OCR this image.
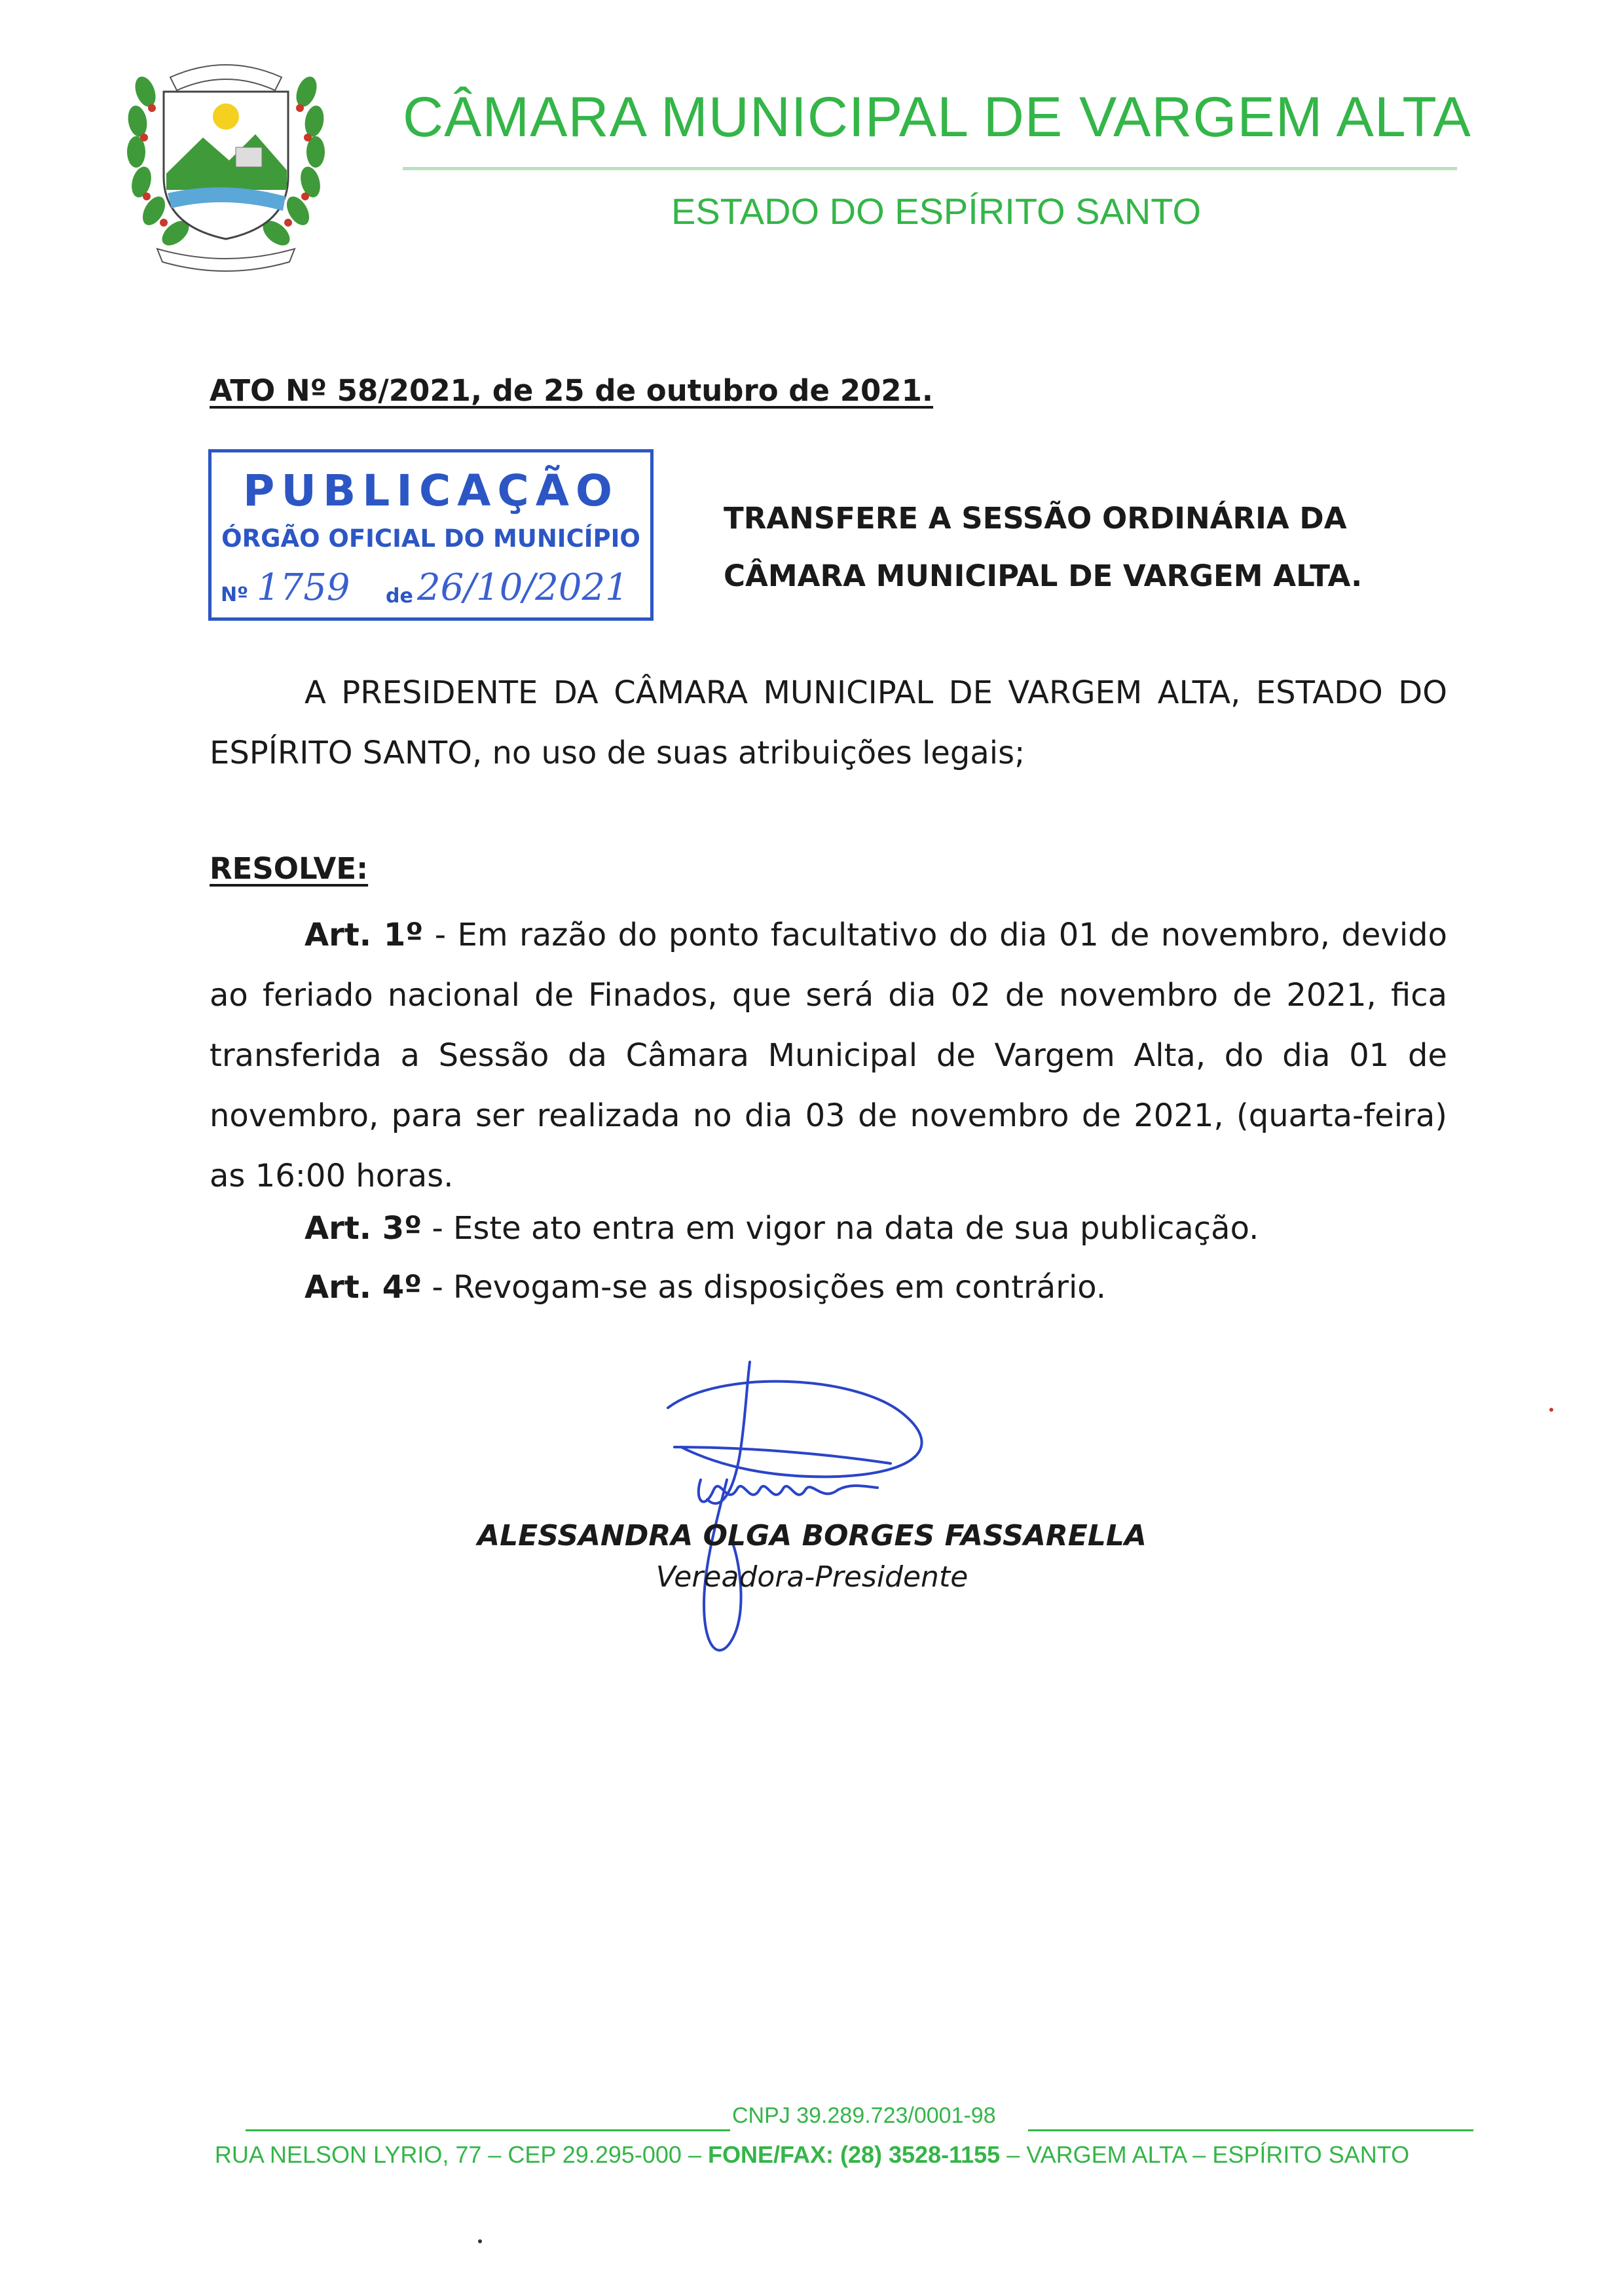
CÂMARA MUNICIPAL DE VARGEM ALTA
ESTADO DO ESPÍRITO SANTO
ATO Nº 58/2021, de 25 de outubro de 2021.
PUBLICAÇÃO
ÓRGÃO OFICIAL DO MUNICÍPIO
Nº 1759 de 26/10/2021
TRANSFERE A SESSÃO ORDINÁRIA DA CÂMARA MUNICIPAL DE VARGEM ALTA.
A PRESIDENTE DA CÂMARA MUNICIPAL DE VARGEM ALTA, ESTADO DO ESPÍRITO SANTO, no uso de suas atribuições legais;
RESOLVE:
Art. 1º - Em razão do ponto facultativo do dia 01 de novembro, devido ao feriado nacional de Finados, que será dia 02 de novembro de 2021, fica transferida a Sessão da Câmara Municipal de Vargem Alta, do dia 01 de novembro, para ser realizada no dia 03 de novembro de 2021, (quarta-feira) as 16:00 horas.
Art. 3º - Este ato entra em vigor na data de sua publicação.
Art. 4º - Revogam-se as disposições em contrário.
ALESSANDRA OLGA BORGES FASSARELLA
Vereadora-Presidente
CNPJ 39.289.723/0001-98
RUA NELSON LYRIO, 77 – CEP 29.295-000 – FONE/FAX: (28) 3528-1155 – VARGEM ALTA – ESPÍRITO SANTO
